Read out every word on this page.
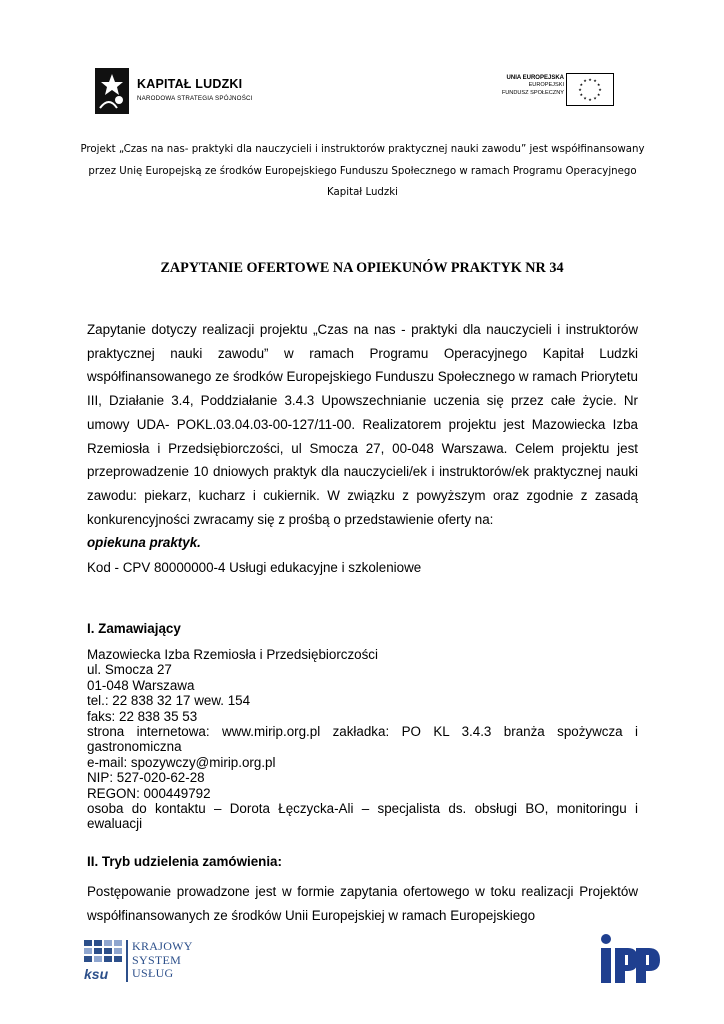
KAPITAŁ LUDZKI
NARODOWA STRATEGIA SPÓJNOŚCI
UNIA EUROPEJSKA
EUROPEJSKI
FUNDUSZ SPOŁECZNY
★
★
★
★
★
★
★
★
★ ★ ★
★
Projekt „Czas na nas- praktyki dla nauczycieli i instruktorów praktycznej nauki zawodu” jest współfinansowany przez Unię Europejską ze środków Europejskiego Funduszu Społecznego w ramach Programu Operacyjnego Kapitał Ludzki
ZAPYTANIE OFERTOWE NA OPIEKUNÓW PRAKTYK NR 34
Zapytanie dotyczy realizacji projektu „Czas na nas - praktyki dla nauczycieli i instruktorów praktycznej nauki zawodu” w ramach Programu Operacyjnego Kapitał Ludzki współfinansowanego ze środków Europejskiego Funduszu Społecznego w ramach Priorytetu III, Działanie 3.4, Poddziałanie 3.4.3 Upowszechnianie uczenia się przez całe życie. Nr umowy UDA- POKL.03.04.03-00-127/11-00. Realizatorem projektu jest Mazowiecka Izba Rzemiosła i Przedsiębiorczości, ul Smocza 27, 00-048 Warszawa. Celem projektu jest przeprowadzenie 10 dniowych praktyk dla nauczycieli/ek i instruktorów/ek praktycznej nauki zawodu: piekarz, kucharz i cukiernik. W związku z powyższym oraz zgodnie z zasadą konkurencyjności zwracamy się z prośbą o przedstawienie oferty na:
opiekuna praktyk.
Kod - CPV 80000000-4 Usługi edukacyjne i szkoleniowe
I. Zamawiający
Mazowiecka Izba Rzemiosła i Przedsiębiorczości
ul. Smocza 27
01-048 Warszawa
tel.: 22 838 32 17 wew. 154
faks: 22 838 35 53
strona internetowa: www.mirip.org.pl zakładka: PO KL 3.4.3 branża spożywcza i gastronomiczna
e-mail: spozywczy@mirip.org.pl
NIP: 527-020-62-28
REGON: 000449792
osoba do kontaktu – Dorota Łęczycka-Ali – specjalista ds. obsługi BO, monitoringu i ewaluacji
II. Tryb udzielenia zamówienia:
Postępowanie prowadzone jest w formie zapytania ofertowego w toku realizacji Projektów współfinansowanych ze środków Unii Europejskiej w ramach Europejskiego
ksu
KRAJOWY
SYSTEM
USŁUG
